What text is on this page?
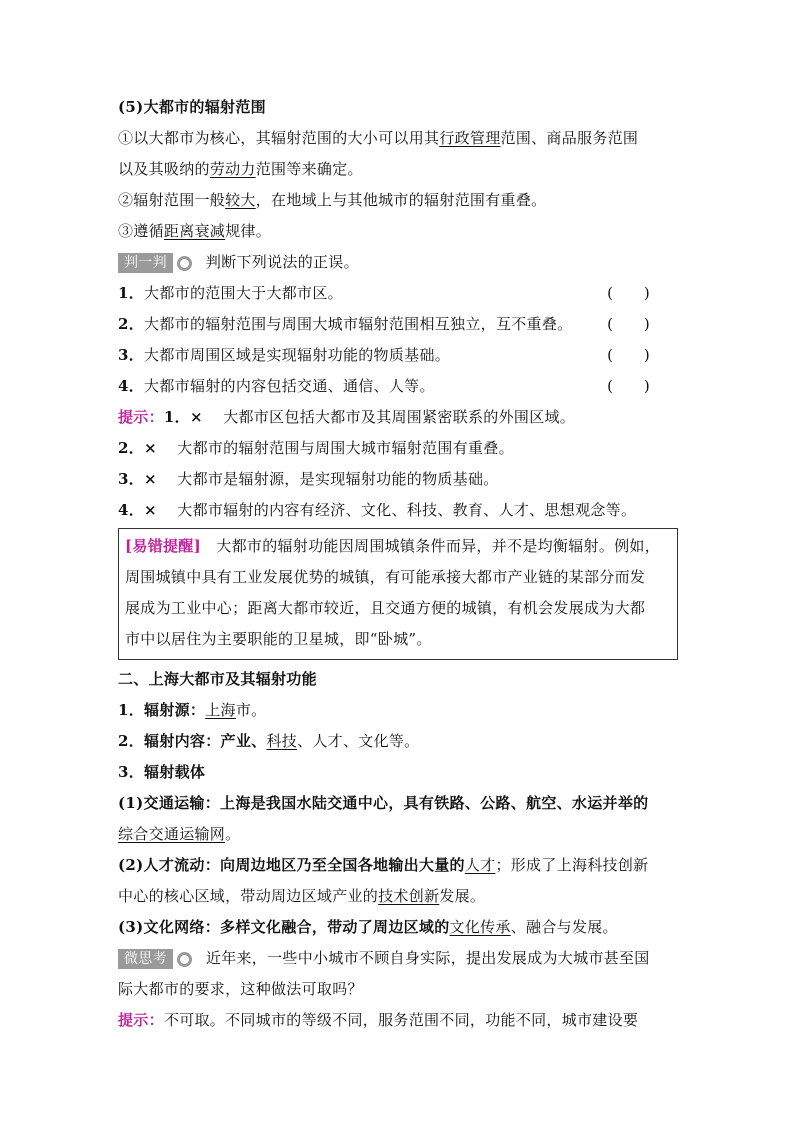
(5)大都市的辐射范围
①以大都市为核心，其辐射范围的大小可以用其行政管理范围、商品服务范围
以及其吸纳的劳动力范围等来确定。
②辐射范围一般较大，在地域上与其他城市的辐射范围有重叠。
③遵循距离衰减规律。
判一判	判断下列说法的正误。
1．大都市的范围大于大都市区。	(　　)
2．大都市的辐射范围与周围大城市辐射范围相互独立，互不重叠。 (　　)
3．大都市周围区域是实现辐射功能的物质基础。	(　　)
4．大都市辐射的内容包括交通、通信、人等。	(　　)
提示：1．×　 大都市区包括大都市及其周围紧密联系的外围区域。
2．×　 大都市的辐射范围与周围大城市辐射范围有重叠。
3．×　 大都市是辐射源，是实现辐射功能的物质基础。
4．×　 大都市辐射的内容有经济、文化、科技、教育、人才、思想观念等。
[易错提醒]　 大都市的辐射功能因周围城镇条件而异，并不是均衡辐射。例如，
周围城镇中具有工业发展优势的城镇，有可能承接大都市产业链的某部分而发
展成为工业中心；距离大都市较近，且交通方便的城镇，有机会发展成为大都
市中以居住为主要职能的卫星城，即“卧城”。
二、上海大都市及其辐射功能
1．辐射源：上海市。
2．辐射内容：产业、科技、人才、文化等。
3．辐射载体
(1)交通运输：上海是我国水陆交通中心，具有铁路、公路、航空、水运并举的
综合交通运输网。
(2)人才流动：向周边地区乃至全国各地输出大量的人才；形成了上海科技创新
中心的核心区域，带动周边区域产业的技术创新发展。
(3)文化网络：多样文化融合，带动了周边区域的文化传承、融合与发展。
微思考	近年来，一些中小城市不顾自身实际，提出发展成为大城市甚至国
际大都市的要求，这种做法可取吗？
提示：不可取。不同城市的等级不同，服务范围不同，功能不同，城市建设要
